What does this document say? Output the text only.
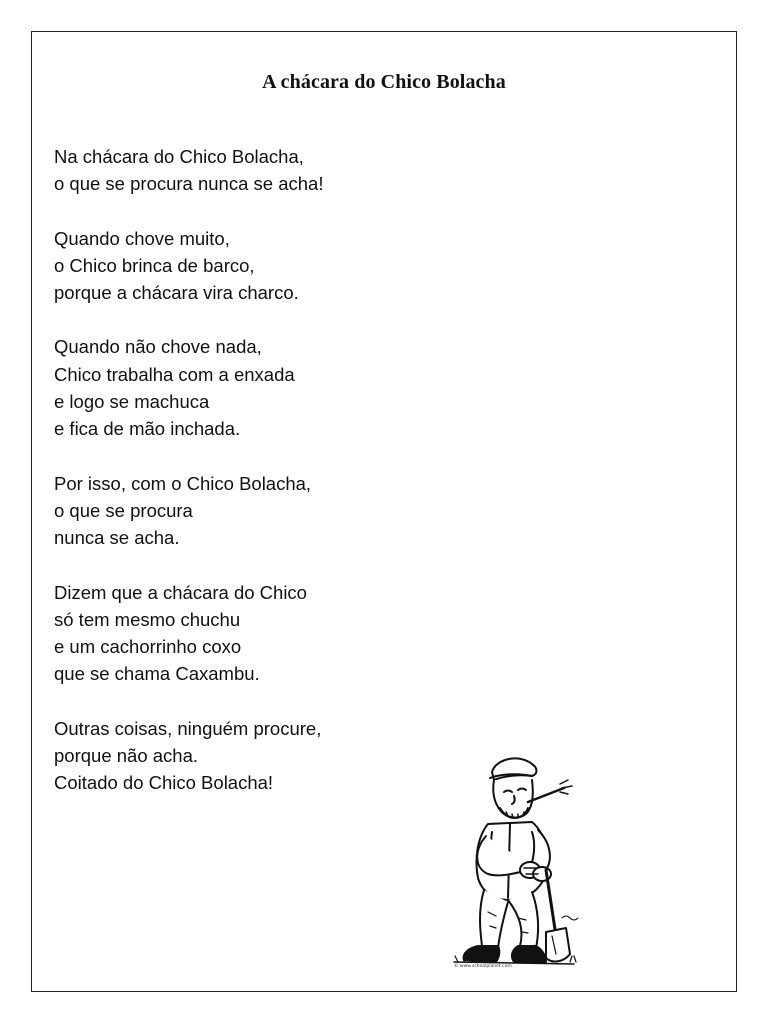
A chácara do Chico Bolacha
Na chácara do Chico Bolacha,
o que se procura nunca se acha!
Quando chove muito,
o Chico brinca de barco,
porque a chácara vira charco.
Quando não chove nada,
Chico trabalha com a enxada
e logo se machuca
e fica de mão inchada.
Por isso, com o Chico Bolacha,
o que se procura
nunca se acha.
Dizem que a chácara do Chico
só tem mesmo chuchu
e um cachorrinho coxo
que se chama Caxambu.
Outras coisas, ninguém procure,
porque não acha.
Coitado do Chico Bolacha!
© www.schoolplanet.com
